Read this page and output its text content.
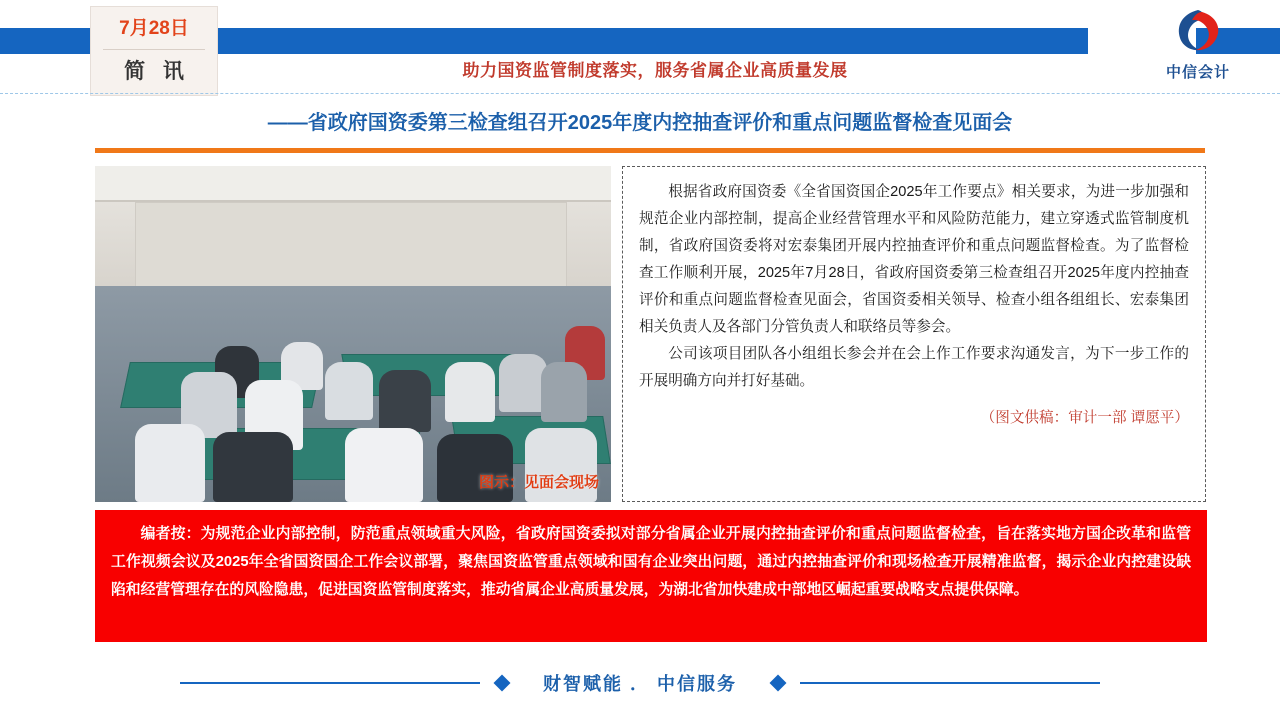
7月28日
简 讯	助力国资监管制度落实，服务省属企业高质量发展	中信会计
——省政府国资委第三检查组召开2025年度内控抽查评价和重点问题监督检查见面会
图示：见面会现场

根据省政府国资委《全省国资国企2025年工作要点》相关要求，为进一步加强和规范企业内部控制，提高企业经营管理水平和风险防范能力，建立穿透式监管制度机制，省政府国资委将对宏泰集团开展内控抽查评价和重点问题监督检查。为了监督检查工作顺利开展，2025年7月28日，省政府国资委第三检查组召开2025年度内控抽查评价和重点问题监督检查见面会，省国资委相关领导、检查小组各组组长、宏泰集团相关负责人及各部门分管负责人和联络员等参会。

公司该项目团队各小组组长参会并在会上作工作要求沟通发言，为下一步工作的开展明确方向并打好基础。

（图文供稿：审计一部 谭愿平）

编者按：为规范企业内部控制，防范重点领域重大风险，省政府国资委拟对部分省属企业开展内控抽查评价和重点问题监督检查，旨在落实地方国企改革和监管工作视频会议及2025年全省国资国企工作会议部署，聚焦国资监管重点领域和国有企业突出问题，通过内控抽查评价和现场检查开展精准监督，揭示企业内控建设缺陷和经营管理存在的风险隐患，促进国资监管制度落实，推动省属企业高质量发展，为湖北省加快建成中部地区崛起重要战略支点提供保障。

财智赋能 ． 中信服务
